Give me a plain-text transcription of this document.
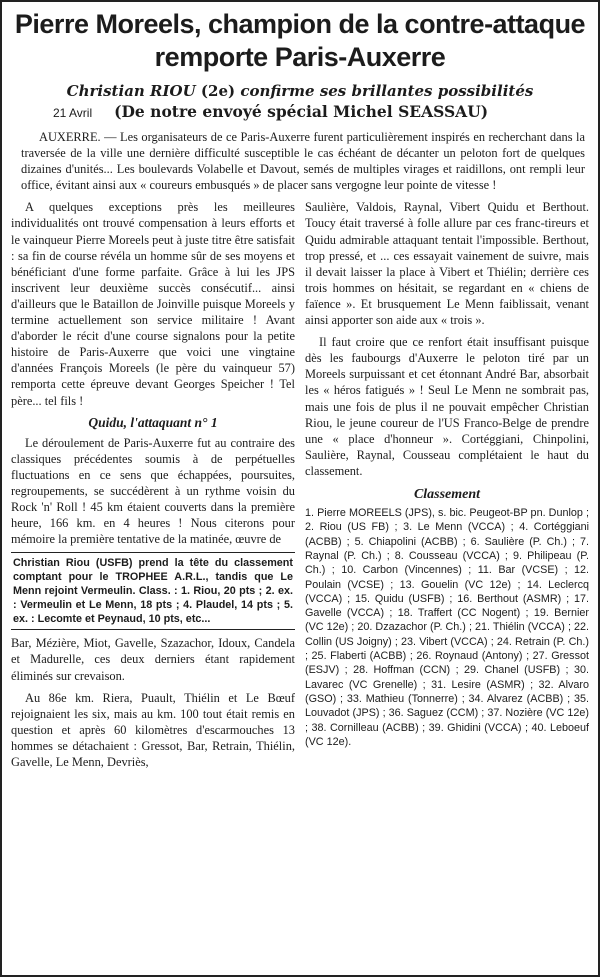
Pierre Moreels, champion de la contre-attaque
remporte Paris-Auxerre
Christian RIOU (2e) confirme ses brillantes possibilités
21 Avril (De notre envoyé spécial Michel SEASSAU)

AUXERRE. — Les organisateurs de ce Paris-Auxerre furent particulièrement inspirés en recherchant dans la traversée de la ville une dernière difficulté susceptible le cas échéant de décanter un peloton fort de quelques dizaines d'unités... Les boulevards Volabelle et Davout, semés de multiples virages et raidillons, ont rempli leur office, évitant ainsi aux « coureurs embusqués » de placer sans vergogne leur pointe de vitesse !

A quelques exceptions près les meilleures individualités ont trouvé compensation à leurs efforts et le vainqueur Pierre Moreels peut à juste titre être satisfait : sa fin de course révéla un homme sûr de ses moyens et bénéficiant d'une forme parfaite. Grâce à lui les JPS inscrivent leur deuxième succès consécutif... ainsi d'ailleurs que le Bataillon de Joinville puisque Moreels y termine actuellement son service militaire ! Avant d'aborder le récit d'une course signalons pour la petite histoire de Paris-Auxerre que voici une vingtaine d'années François Moreels (le père du vainqueur 57) remporta cette épreuve devant Georges Speicher ! Tel père... tel fils !

Quidu, l'attaquant n° 1

Le déroulement de Paris-Auxerre fut au contraire des classiques précédentes soumis à de perpétuelles fluctuations en ce sens que échappées, poursuites, regroupements, se succédèrent à un rythme voisin du Rock 'n' Roll ! 45 km étaient couverts dans la première heure, 166 km. en 4 heures ! Nous citerons pour mémoire la première tentative de la matinée, œuvre de

Christian Riou (USFB) prend la tête du classement comptant pour le TROPHEE A.R.L., tandis que Le Menn rejoint Vermeulin. Class. : 1. Riou, 20 pts ; 2. ex. : Vermeulin et Le Menn, 18 pts ; 4. Plaudel, 14 pts ; 5. ex. : Lecomte et Peynaud, 10 pts, etc...

Bar, Mézière, Miot, Gavelle, Szazachor, Idoux, Candela et Madurelle, ces deux derniers étant rapidement éliminés sur crevaison.

Au 86e km. Riera, Puault, Thiélin et Le Bœuf rejoignaient les six, mais au km. 100 tout était remis en question et après 60 kilomètres d'escarmouches 13 hommes se détachaient : Gressot, Bar, Retrain, Thiélin, Gavelle, Le Menn, Devriès,

Saulière, Valdois, Raynal, Vibert Quidu et Berthout. Toucy était traversé à folle allure par ces franc-tireurs et Quidu admirable attaquant tentait l'impossible. Berthout, trop pressé, et ... ces essayait vainement de suivre, mais il devait laisser la place à Vibert et Thiélin; derrière ces trois hommes on hésitait, se regardant en « chiens de faïence ». Et brusquement Le Menn faiblissait, venant ainsi apporter son aide aux « trois ».

Il faut croire que ce renfort était insuffisant puisque dès les faubourgs d'Auxerre le peloton tiré par un Moreels surpuissant et cet étonnant André Bar, absorbait les « héros fatigués » ! Seul Le Menn ne sombrait pas, mais une fois de plus il ne pouvait empêcher Christian Riou, le jeune coureur de l'US Franco-Belge de prendre une « place d'honneur ». Cortéggiani, Chinpolini, Saulière, Raynal, Cousseau complétaient le haut du classement.

Classement

1. Pierre MOREELS (JPS), s. bic. Peugeot-BP pn. Dunlop ; 2. Riou (US FB) ; 3. Le Menn (VCCA) ; 4. Cortéggiani (ACBB) ; 5. Chiapolini (ACBB) ; 6. Saulière (P. Ch.) ; 7. Raynal (P. Ch.) ; 8. Cousseau (VCCA) ; 9. Philipeau (P. Ch.) ; 10. Carbon (Vincennes) ; 11. Bar (VCSE) ; 12. Poulain (VCSE) ; 13. Gouelin (VC 12e) ; 14. Leclercq (VCCA) ; 15. Quidu (USFB) ; 16. Berthout (ASMR) ; 17. Gavelle (VCCA) ; 18. Traffert (CC Nogent) ; 19. Bernier (VC 12e) ; 20. Dzazachor (P. Ch.) ; 21. Thiélin (VCCA) ; 22. Collin (US Joigny) ; 23. Vibert (VCCA) ; 24. Retrain (P. Ch.) ; 25. Flaberti (ACBB) ; 26. Roynaud (Antony) ; 27. Gressot (ESJV) ; 28. Hoffman (CCN) ; 29. Chanel (USFB) ; 30. Lavarec (VC Grenelle) ; 31. Lesire (ASMR) ; 32. Alvaro (GSO) ; 33. Mathieu (Tonnerre) ; 34. Alvarez (ACBB) ; 35. Louvadot (JPS) ; 36. Saguez (CCM) ; 37. Nozière (VC 12e) ; 38. Cornilleau (ACBB) ; 39. Ghidini (VCCA) ; 40. Leboeuf (VC 12e).
